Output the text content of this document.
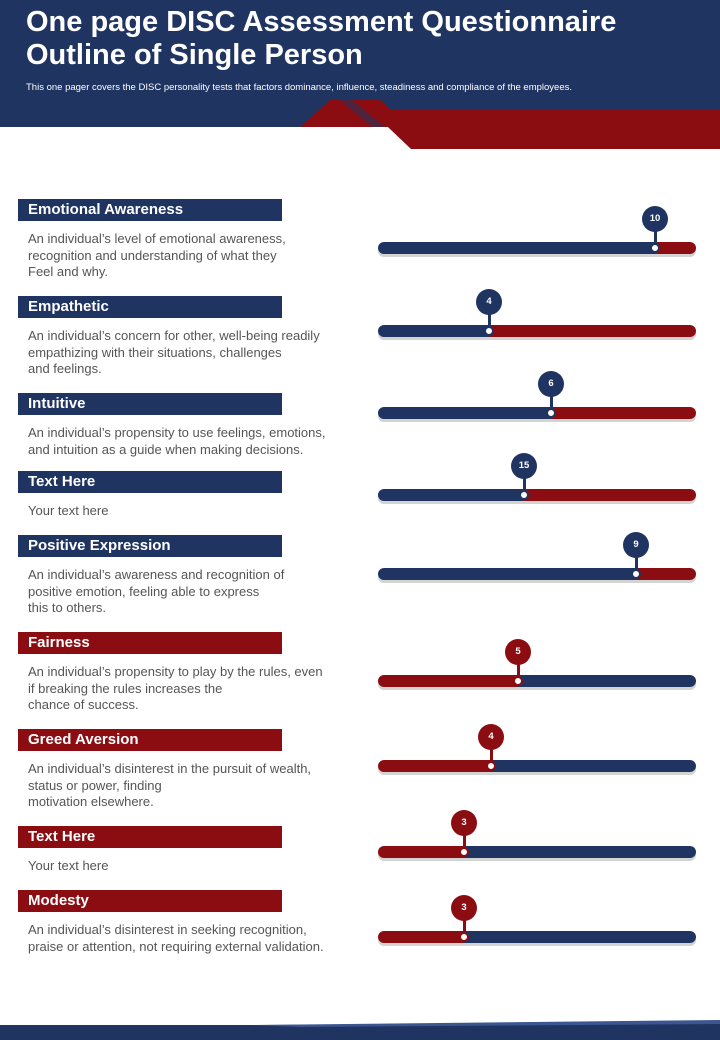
One page DISC Assessment Questionnaire Outline of Single Person
This one pager covers the DISC personality tests that factors dominance, influence, steadiness and compliance of the employees.
Emotional Awareness
An individual’s level of emotional awareness,
recognition and understanding of what they
Feel and why.
10
Empathetic
An individual’s concern for other, well-being readily
empathizing with their situations, challenges
and feelings.
4
Intuitive
An individual’s propensity to use feelings, emotions,
and intuition as a guide when making decisions.
6
Text Here
Your text here
15
Positive Expression
An individual’s awareness and recognition of
positive emotion, feeling able to express
this to others.
9
Fairness
An individual’s propensity to play by the rules, even
if breaking the rules increases the
chance of success.
5
Greed Aversion
An individual’s disinterest in the pursuit of wealth,
status or power, finding
motivation elsewhere.
4
Text Here
Your text here
3
Modesty
An individual’s disinterest in seeking recognition,
praise or attention, not requiring external validation.
3
